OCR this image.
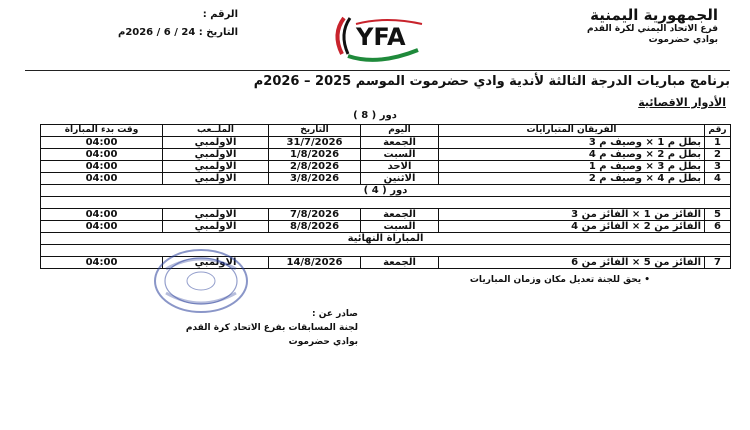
الجمهورية اليمنية
فرع الاتحاد اليمني لكرة القدم
بوادي حضرموت
الرقم :
التاريخ : 24 / 6 / 2026م	YFA
برنامج مباريات الدرجة الثالثة لأندية وادي حضرموت الموسم 2025 – 2026م
الأدوار الاقصائية
دور ( 8 )
رقم	الفريقان المتبارايات	اليوم	التاريخ	الملــعب	وقت بدء المباراة
1	بطل م 1 × وصيف م 3	الجمعة	31/7/2026	الاولمبي	04:00
2	بطل م 2 × وصيف م 4	السبت	1/8/2026	الاولمبي	04:00
3	بطل م 3 × وصيف م 1	الاحد	2/8/2026	الاولمبي	04:00
4	بطل م 4 × وصيف م 2	الاثنين	3/8/2026	الاولمبي	04:00
دور ( 4 )					

5	الفائز من 1 × الفائز من 3	الجمعة	7/8/2026	الاولمبي	04:00
6	الفائز من 2 × الفائز من 4	السبت	8/8/2026	الاولمبي	04:00
المباراة النهائية					

7	الفائز من 5 × الفائز من 6	الجمعة	14/8/2026	الاولمبي	04:00
• يحق للجنة تعديل مكان وزمان المباريات
صادر عن :
لجنة المسابقات بفرع الاتحاد كرة القدم
بوادي حضرموت
